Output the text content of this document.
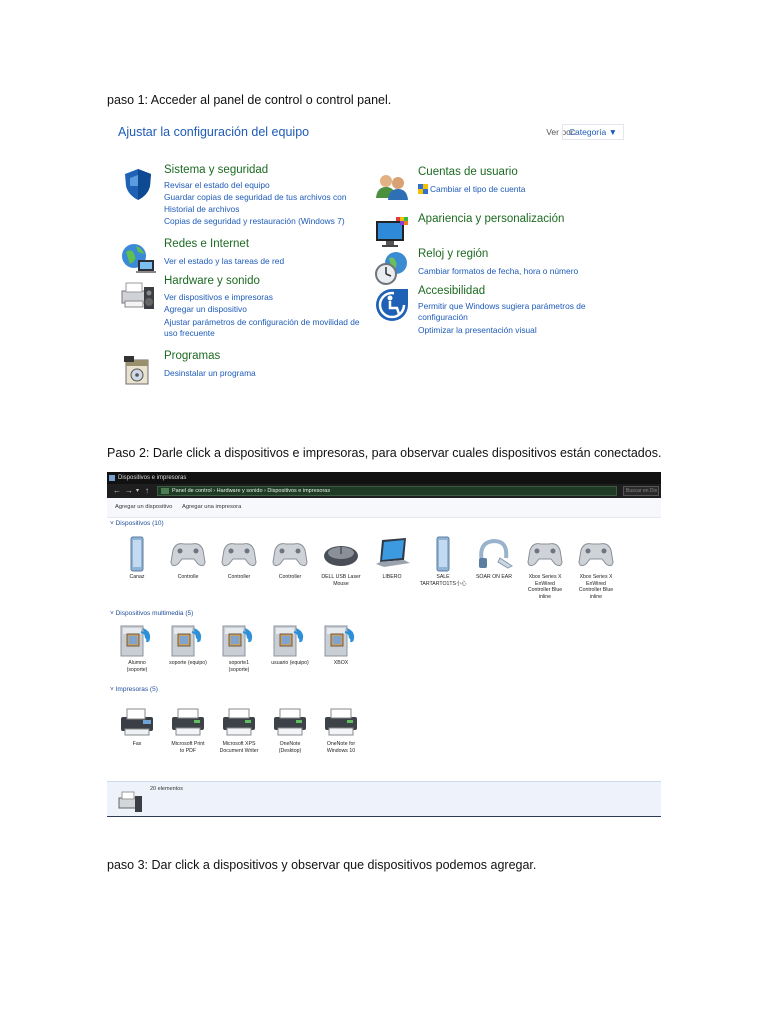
paso 1: Acceder al panel de control o control panel.
Ajustar la configuración del equipo	Ver por:
Categoría ▼
Sistema y seguridad
Revisar el estado del equipo
Guardar copias de seguridad de tus archivos con
Historial de archivos
Copias de seguridad y restauración (Windows 7)
Redes e Internet
Ver el estado y las tareas de red
Hardware y sonido
Ver dispositivos e impresoras
Agregar un dispositivo
Ajustar parámetros de configuración de movilidad de
uso frecuente
Programas
Desinstalar un programa
Cuentas de usuario
Cambiar el tipo de cuenta
Apariencia y personalización
Reloj y región
Cambiar formatos de fecha, hora o número
Accesibilidad
Permitir que Windows sugiera parámetros de
configuración
Optimizar la presentación visual
Paso 2: Darle click a dispositivos e impresoras, para observar cuales dispositivos están conectados.
Dispositivos e impresoras
← → ▾ ↑	Panel de control › Hardware y sonido › Dispositivos e impresoras	Buscar en Dis
Agregar un dispositivo Agregar una impresora
˅ Dispositivos (10)
Canaz	Controlle	Controller	Controller	DELL USB Laser
Mouse
LIBERO	SALE
TARTARTO1TS小心
SOAR ON EAR	Xbox Series X
EnWired
Controller Blue
inline
Xbox Series X
EnWired
Controller Blue
inline
˅ Dispositivos multimedia (5)
Alumno
(soporte)
soporte (equipo)	soporte1
(soporte)
usuario (equipo)	XBOX
˅ Impresoras (5)
Fax	Microsoft Print
to PDF
Microsoft XPS
Document Writer
OneNote
(Desktop)
OneNote for
Windows 10
20 elementos
paso 3: Dar click a dispositivos y observar que dispositivos podemos agregar.
